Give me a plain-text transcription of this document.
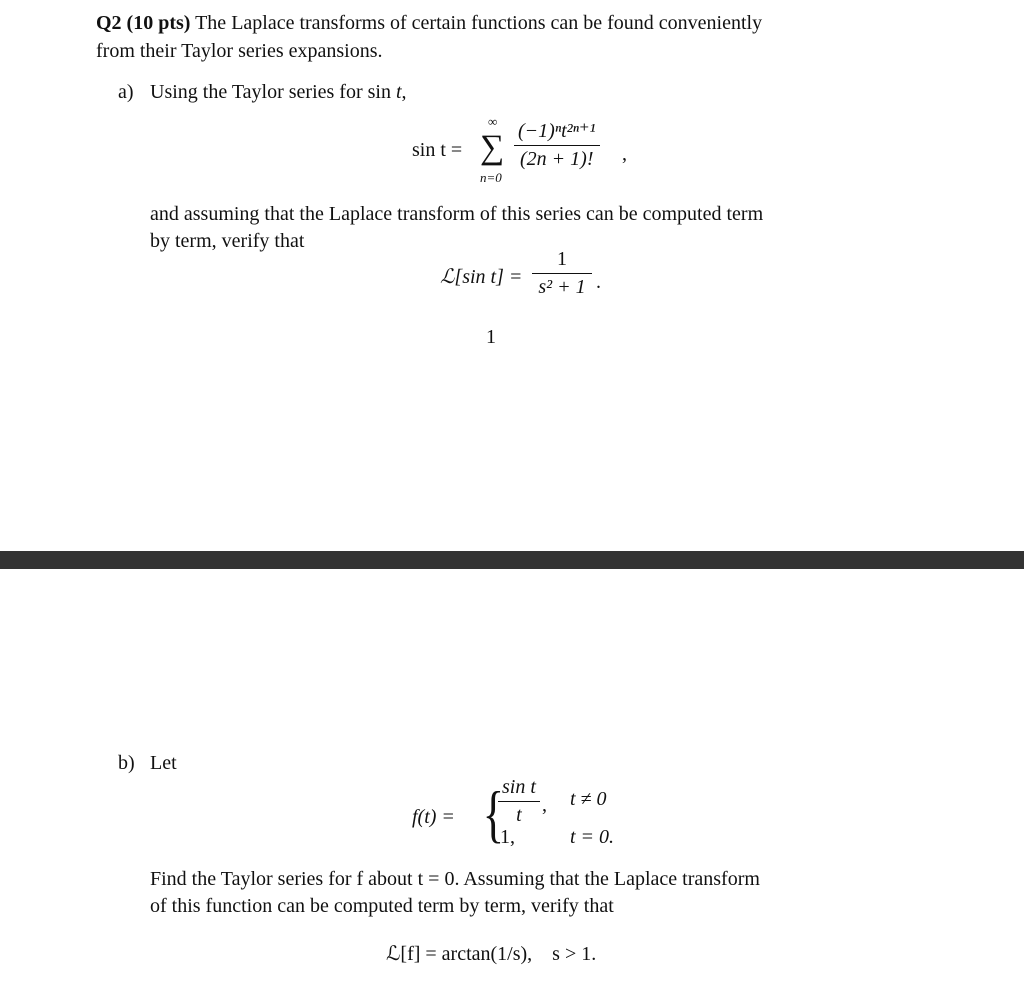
Q2 (10 pts) The Laplace transforms of certain functions can be found conveniently
from their Taylor series expansions.
a) Using the Taylor series for sin t,
sin t =
∞
∑
n=0
$\frac{\text{(−1)ⁿt²ⁿ⁺¹}}{(2n + 1)!}$ ,
and assuming that the Laplace transform of this series can be computed term
by term, verify that
ℒ[sin $t] = \frac{1}{\text{s² + 1}}$ .
1
b) Let
f(t) = {
$\frac{\text{sin t}}{t}$ , t ≠ 0
1,	t = 0.
Find the Taylor series for f about t = 0. Assuming that the Laplace transform
of this function can be computed term by term, verify that
ℒ[f] = arctan(1/s),    s > 1.
